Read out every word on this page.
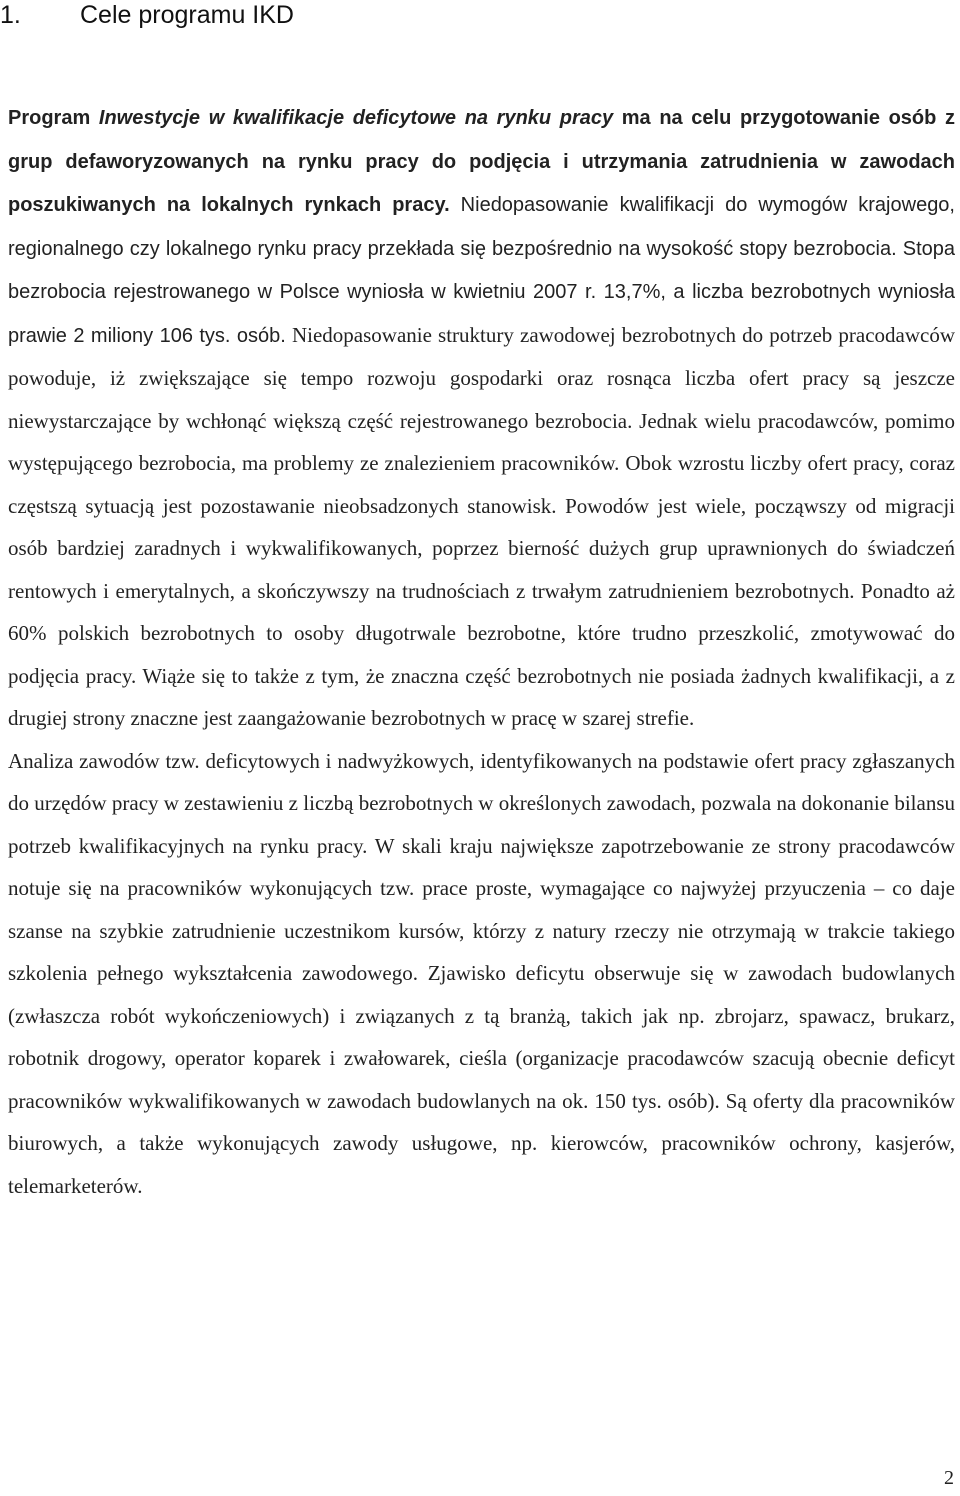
1.	Cele programu IKD

Program Inwestycje w kwalifikacje deficytowe na rynku pracy ma na celu przygotowanie osób z grup defaworyzowanych na rynku pracy do podjęcia i utrzymania zatrudnienia w zawodach poszukiwanych na lokalnych rynkach pracy. Niedopasowanie kwalifikacji do wymogów krajowego, regionalnego czy lokalnego rynku pracy przekłada się bezpośrednio na wysokość stopy bezrobocia. Stopa bezrobocia rejestrowanego w Polsce wyniosła w kwietniu 2007 r. 13,7%, a liczba bezrobotnych wyniosła prawie 2 miliony 106 tys. osób. Niedopasowanie struktury zawodowej bezrobotnych do potrzeb pracodawców powoduje, iż zwiększające się tempo rozwoju gospodarki oraz rosnąca liczba ofert pracy są jeszcze niewystarczające by wchłonąć większą część rejestrowanego bezrobocia. Jednak wielu pracodawców, pomimo występującego bezrobocia, ma problemy ze znalezieniem pracowników. Obok wzrostu liczby ofert pracy, coraz częstszą sytuacją jest pozostawanie nieobsadzonych stanowisk. Powodów jest wiele, począwszy od migracji osób bardziej zaradnych i wykwalifikowanych, poprzez bierność dużych grup uprawnionych do świadczeń rentowych i emerytalnych, a skończywszy na trudnościach z trwałym zatrudnieniem bezrobotnych. Ponadto aż 60% polskich bezrobotnych to osoby długotrwale bezrobotne, które trudno przeszkolić, zmotywować do podjęcia pracy. Wiąże się to także z tym, że znaczna część bezrobotnych nie posiada żadnych kwalifikacji, a z drugiej strony znaczne jest zaangażowanie bezrobotnych w pracę w szarej strefie.
Analiza zawodów tzw. deficytowych i nadwyżkowych, identyfikowanych na podstawie ofert pracy zgłaszanych do urzędów pracy w zestawieniu z liczbą bezrobotnych w określonych zawodach, pozwala na dokonanie bilansu potrzeb kwalifikacyjnych na rynku pracy. W skali kraju największe zapotrzebowanie ze strony pracodawców notuje się na pracowników wykonujących tzw. prace proste, wymagające co najwyżej przyuczenia – co daje szanse na szybkie zatrudnienie uczestnikom kursów, którzy z natury rzeczy nie otrzymają w trakcie takiego szkolenia pełnego wykształcenia zawodowego. Zjawisko deficytu obserwuje się w zawodach budowlanych (zwłaszcza robót wykończeniowych) i związanych z tą branżą, takich jak np. zbrojarz, spawacz, brukarz, robotnik drogowy, operator koparek i zwałowarek, cieśla (organizacje pracodawców szacują obecnie deficyt pracowników wykwalifikowanych w zawodach budowlanych na ok. 150 tys. osób). Są oferty dla pracowników biurowych, a także wykonujących zawody usługowe, np. kierowców, pracowników ochrony, kasjerów, telemarketerów.

2
